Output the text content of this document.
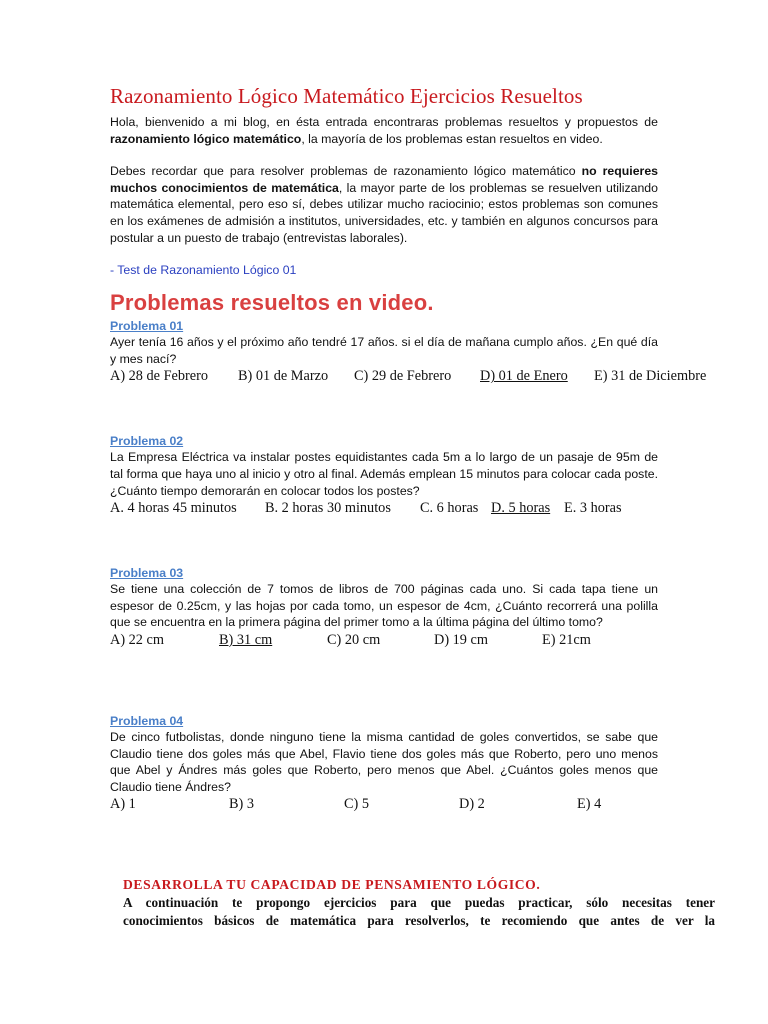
Razonamiento Lógico Matemático Ejercicios Resueltos

Hola, bienvenido a mi blog, en ésta entrada encontraras problemas resueltos y propuestos de razonamiento lógico matemático, la mayoría de los problemas estan resueltos en video.

Debes recordar que para resolver problemas de razonamiento lógico matemático no requieres muchos conocimientos de matemática, la mayor parte de los problemas se resuelven utilizando matemática elemental, pero eso sí, debes utilizar mucho raciocinio; estos problemas son comunes en los exámenes de admisión a institutos, universidades, etc. y también en algunos concursos para postular a un puesto de trabajo (entrevistas laborales).

- Test de Razonamiento Lógico 01

Problemas resueltos en video.

Problema 01

Ayer tenía 16 años y el próximo año tendré 17 años. si el día de mañana cumplo años. ¿En qué día y mes nací?

A) 28 de Febrero B) 01 de Marzo C) 29 de Febrero D) 01 de Enero E) 31 de Diciembre

Problema 02

La Empresa Eléctrica va instalar postes equidistantes cada 5m a lo largo de un pasaje de 95m de tal forma que haya uno al inicio y otro al final. Además emplean 15 minutos para colocar cada poste. ¿Cuánto tiempo demorarán en colocar todos los postes?

A. 4 horas 45 minutos B. 2 horas 30 minutos C. 6 horas D. 5 horas E. 3 horas

Problema 03

Se tiene una colección de 7 tomos de libros de 700 páginas cada uno. Si cada tapa tiene un espesor de 0.25cm, y las hojas por cada tomo, un espesor de 4cm, ¿Cuánto recorrerá una polilla que se encuentra en la primera página del primer tomo a la última página del último tomo?

A) 22 cm	B) 31 cm	C) 20 cm	D) 19 cm	E) 21cm

Problema 04

De cinco futbolistas, donde ninguno tiene la misma cantidad de goles convertidos, se sabe que Claudio tiene dos goles más que Abel, Flavio tiene dos goles más que Roberto, pero uno menos que Abel y Ándres más goles que Roberto, pero menos que Abel. ¿Cuántos goles menos que Claudio tiene Ándres?

A) 1	B) 3	C) 5	D) 2	E) 4

DESARROLLA TU CAPACIDAD DE PENSAMIENTO LÓGICO.

A continuación te propongo ejercicios para que puedas practicar, sólo necesitas tener

conocimientos básicos de matemática para resolverlos, te recomiendo que antes de ver la
